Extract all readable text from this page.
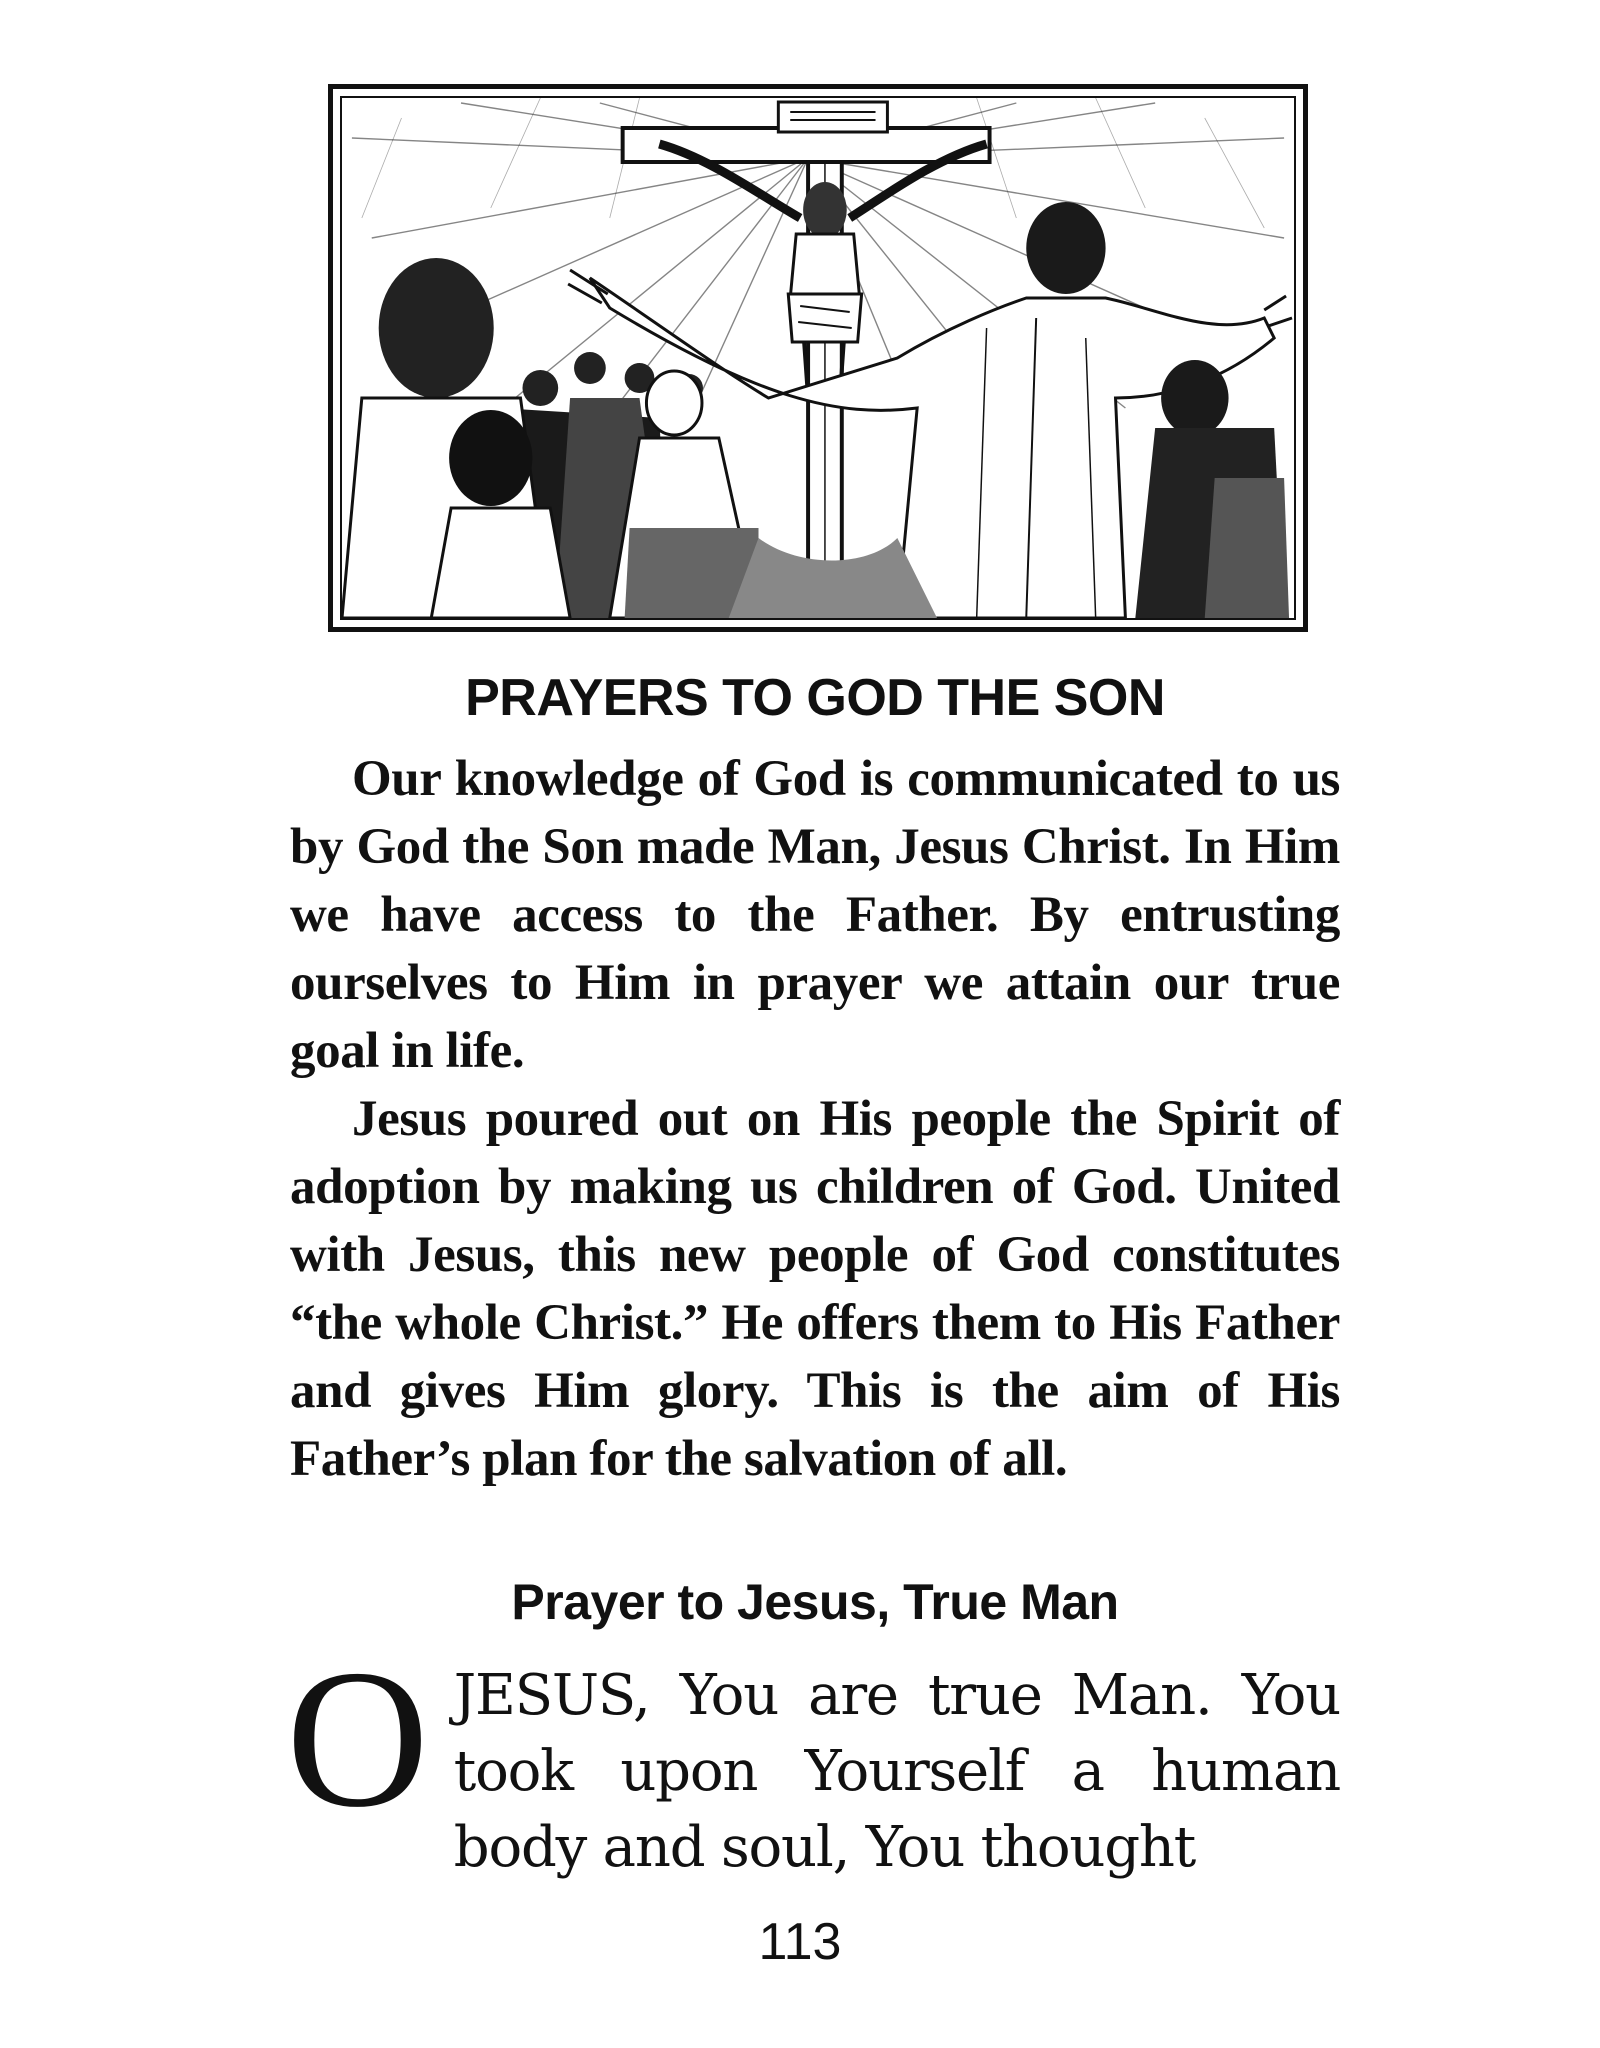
PRAYERS TO GOD THE SON

Our knowledge of God is communicated to us by God the Son made Man, Jesus Christ. In Him we have access to the Father. By entrusting ourselves to Him in prayer we attain our true goal in life.

Jesus poured out on His people the Spirit of adoption by making us children of God. United with Jesus, this new people of God constitutes “the whole Christ.” He offers them to His Father and gives Him glory. This is the aim of His Father’s plan for the salvation of all.

Prayer to Jesus, True Man

OJESUS, You are true Man. You took upon Yourself a human body and soul, You thought

113
